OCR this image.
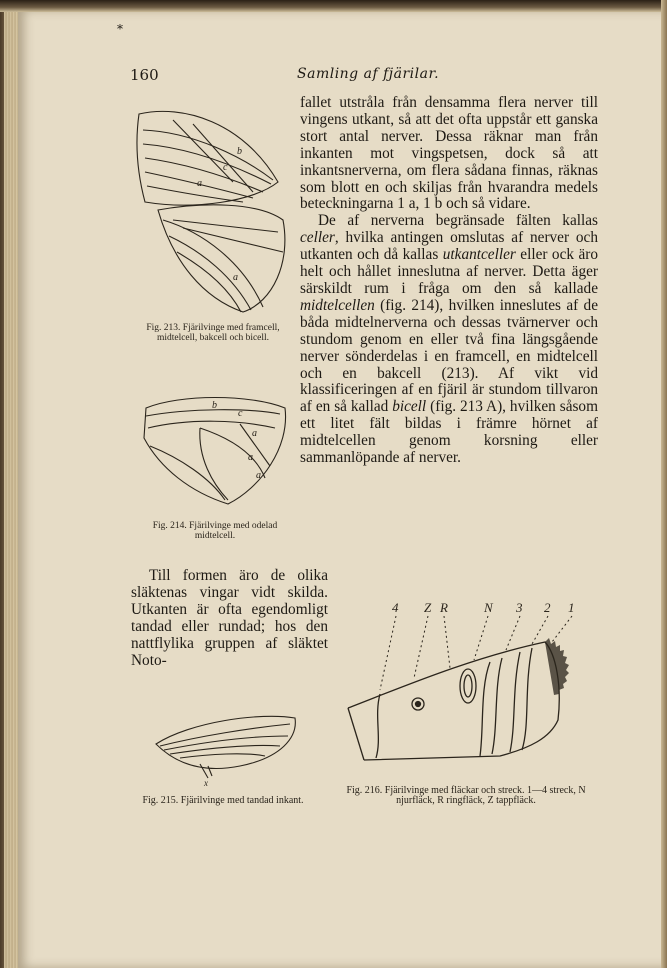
*
160	Samling af fjärilar.
b
c
a
a
Fig. 213. Fjärilvinge med framcell, midtelcell, bakcell och bicell.
b
c
a
a
a
Fig. 214. Fjärilvinge med odelad midtelcell.

fallet utstråla från densamma flera nerver till vingens utkant, så att det ofta uppstår ett ganska stort antal nerver. Dessa räknar man från inkanten mot vingspetsen, dock så att inkantsnerverna, om flera sådana finnas, räknas som blott en och skiljas från hvarandra medels beteckningarna 1 a, 1 b och så vidare.

De af nerverna begränsade fälten kallas celler, hvilka antingen omslutas af nerver och utkanten och då kallas utkantceller eller ock äro helt och hållet inneslutna af nerver. Detta äger särskildt rum i fråga om den så kallade midtelcellen (fig. 214), hvilken inneslutes af de båda midtelnerverna och dessas tvärnerver och stundom genom en eller två fina längsgående nerver sönderdelas i en framcell, en midtelcell och en bakcell (213). Af vikt vid klassificeringen af en fjäril är stundom tillvaron af en så kallad bicell (fig. 213 A), hvilken såsom ett litet fält bildas i främre hörnet af midtelcellen genom korsning eller sammanlöpande af nerver.

Till formen äro de olika släktenas vingar vidt skilda. Utkanten är ofta egendomligt tandad eller rundad; hos den nattflylika gruppen af släktet Noto-

x
Fig. 215. Fjärilvinge med tandad inkant.
4 Z R	N 3 2 1
Fig. 216. Fjärilvinge med fläckar och streck. 1—4 streck, N njurfläck, R ringfläck, Z tappfläck.
